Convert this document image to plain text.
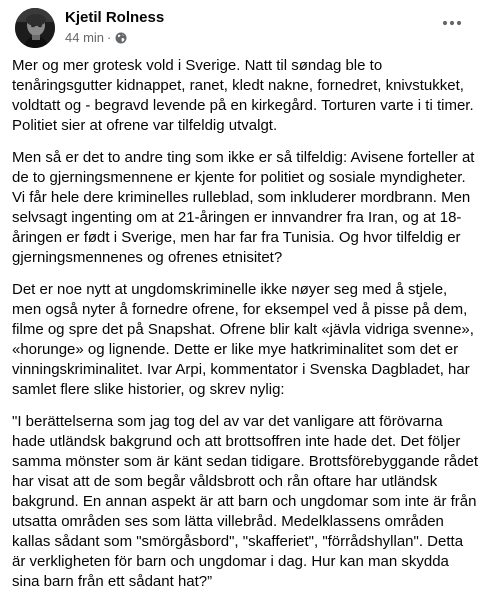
Kjetil Rolness
44 min ·

Mer og mer grotesk vold i Sverige. Natt til søndag ble to tenåringsgutter kidnappet, ranet, kledt nakne, fornedret, knivstukket, voldtatt og - begravd levende på en kirkegård. Torturen varte i ti timer. Politiet sier at ofrene var tilfeldig utvalgt.

Men så er det to andre ting som ikke er så tilfeldig: Avisene forteller at de to gjerningsmennene er kjente for politiet og sosiale myndigheter. Vi får hele dere kriminelles rulleblad, som inkluderer mordbrann. Men selvsagt ingenting om at 21-åringen er innvandrer fra Iran, og at 18-åringen er født i Sverige, men har far fra Tunisia. Og hvor tilfeldig er gjerningsmennenes og ofrenes etnisitet?

Det er noe nytt at ungdomskriminelle ikke nøyer seg med å stjele, men også nyter å fornedre ofrene, for eksempel ved å pisse på dem, filme og spre det på Snapshat. Ofrene blir kalt «jävla vidriga svenne», «horunge» og lignende. Dette er like mye hatkriminalitet som det er vinningskriminalitet. Ivar Arpi, kommentator i Svenska Dagbladet, har samlet flere slike historier, og skrev nylig:

"I berättelserna som jag tog del av var det vanligare att förövarna hade utländsk bakgrund och att brottsoffren inte hade det. Det följer samma mönster som är känt sedan tidigare. Brottsförebyggande rådet har visat att de som begår våldsbrott och rån oftare har utländsk bakgrund. En annan aspekt är att barn och ungdomar som inte är från utsatta områden ses som lätta villebråd. Medelklassens områden kallas sådant som "smörgåsbord", "skafferiet", "förrådshyllan". Detta är verkligheten för barn och ungdomar i dag. Hur kan man skydda sina barn från ett sådant hat?”
